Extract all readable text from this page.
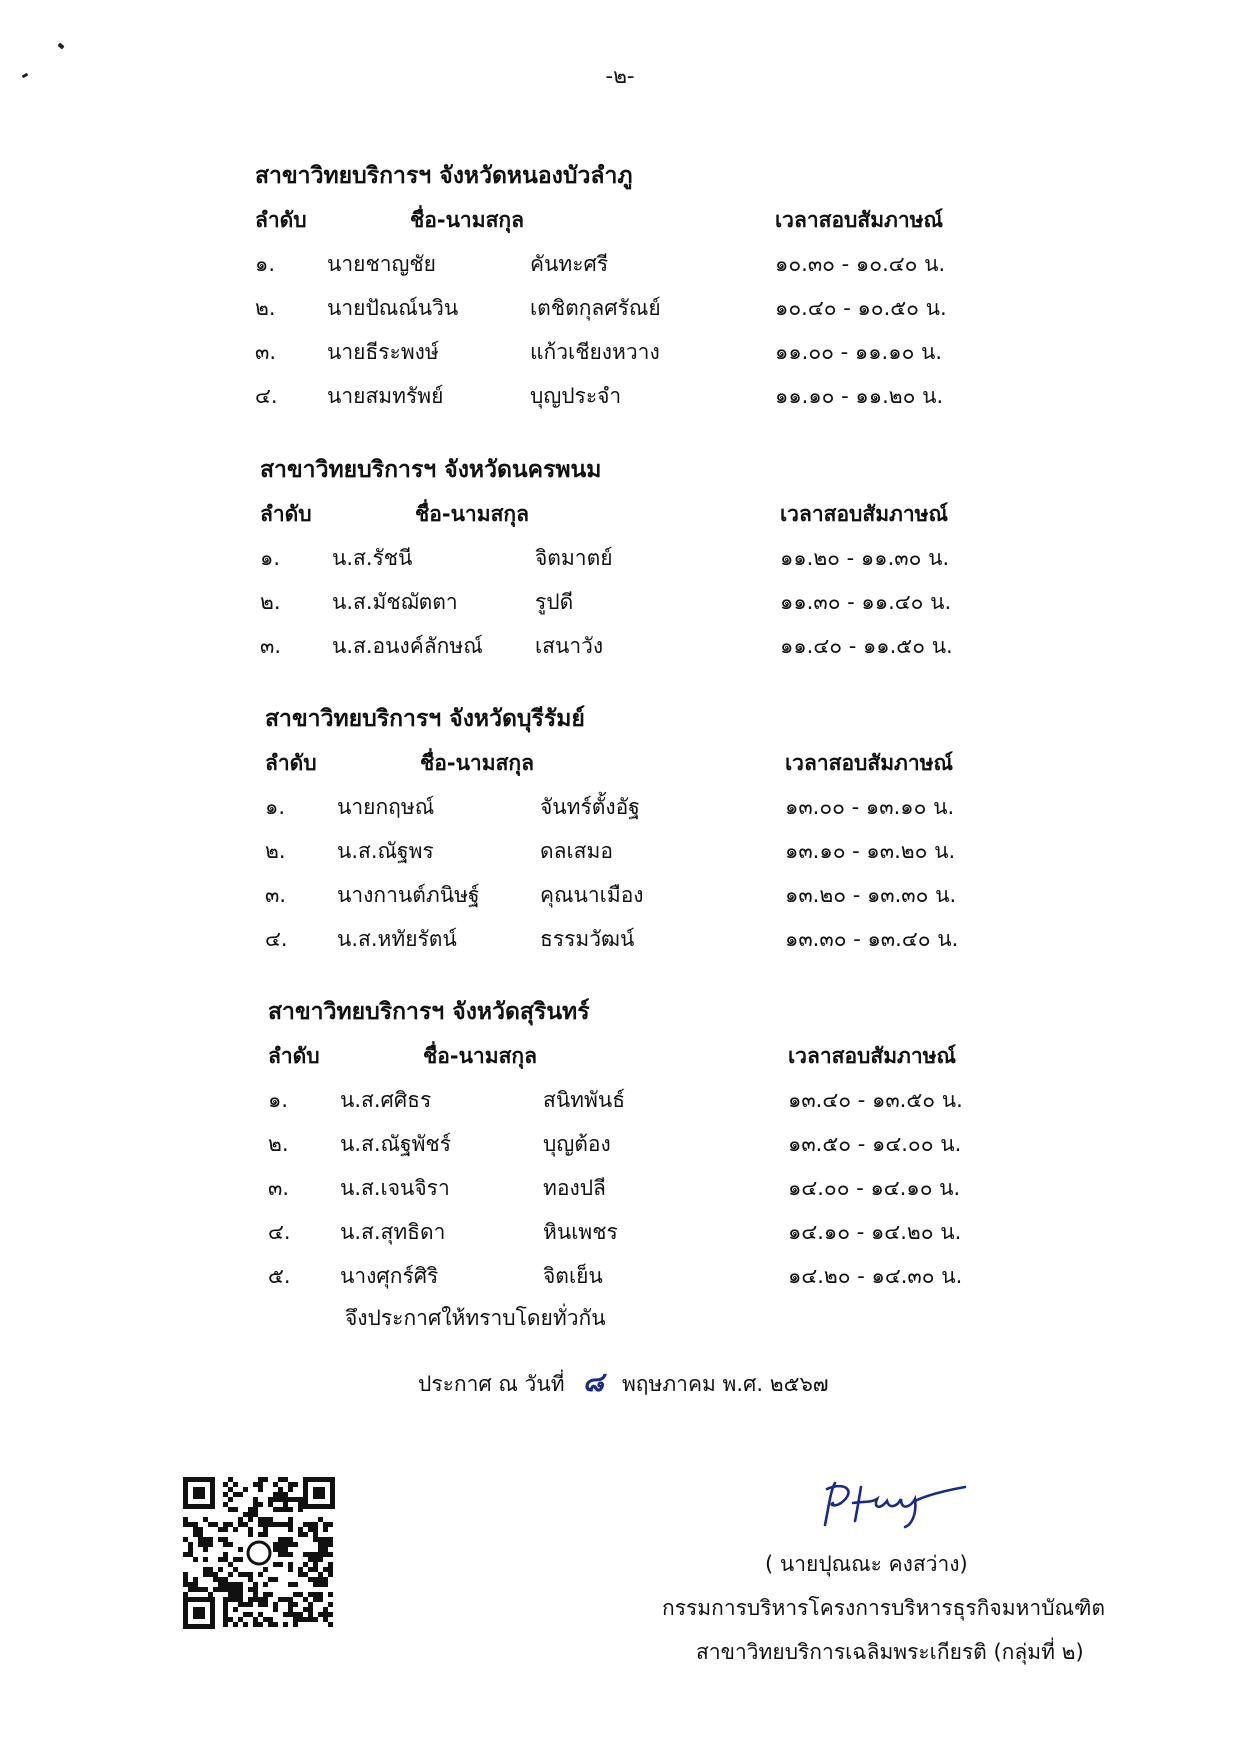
-๒-
สาขาวิทยบริการฯ จังหวัดหนองบัวลำภู
ลำดับ	ชื่อ-นามสกุล	เวลาสอบสัมภาษณ์
๑. นายชาญชัย	คันทะศรี	๑๐.๓๐ - ๑๐.๔๐ น.
๒. นายปัณณ์นวิน	เตชิตกุลศรัณย์	๑๐.๔๐ - ๑๐.๕๐ น.
๓. นายธีระพงษ์	แก้วเชียงหวาง	๑๑.๐๐ - ๑๑.๑๐ น.
๔. นายสมทรัพย์	บุญประจำ	๑๑.๑๐ - ๑๑.๒๐ น.
สาขาวิทยบริการฯ จังหวัดนครพนม
ลำดับ	ชื่อ-นามสกุล	เวลาสอบสัมภาษณ์
๑. น.ส.รัชนี	จิตมาตย์	๑๑.๒๐ - ๑๑.๓๐ น.
๒. น.ส.มัชฌัตตา	รูปดี	๑๑.๓๐ - ๑๑.๔๐ น.
๓. น.ส.อนงค์ลักษณ์ เสนาวัง	๑๑.๔๐ - ๑๑.๕๐ น.
สาขาวิทยบริการฯ จังหวัดบุรีรัมย์
ลำดับ	ชื่อ-นามสกุล	เวลาสอบสัมภาษณ์
๑. นายกฤษณ์	จันทร์ตั้งอัฐ	๑๓.๐๐ - ๑๓.๑๐ น.
๒. น.ส.ณัฐพร	ดลเสมอ	๑๓.๑๐ - ๑๓.๒๐ น.
๓. นางกานต์ภนิษฐ์	คุณนาเมือง	๑๓.๒๐ - ๑๓.๓๐ น.
๔. น.ส.หทัยรัตน์	ธรรมวัฒน์	๑๓.๓๐ - ๑๓.๔๐ น.
สาขาวิทยบริการฯ จังหวัดสุรินทร์
ลำดับ	ชื่อ-นามสกุล	เวลาสอบสัมภาษณ์
๑. น.ส.ศศิธร	สนิทพันธ์	๑๓.๔๐ - ๑๓.๕๐ น.
๒. น.ส.ณัฐพัชร์	บุญต้อง	๑๓.๕๐ - ๑๔.๐๐ น.
๓. น.ส.เจนจิรา	ทองปลี	๑๔.๐๐ - ๑๔.๑๐ น.
๔. น.ส.สุทธิดา	หินเพชร	๑๔.๑๐ - ๑๔.๒๐ น.
๕. นางศุกร์ศิริ	จิตเย็น	๑๔.๒๐ - ๑๔.๓๐ น.
จึงประกาศให้ทราบโดยทั่วกัน
ประกาศ ณ วันที่ ๘ พฤษภาคม พ.ศ. ๒๕๖๗
( นายปุณณะ คงสว่าง)
กรรมการบริหารโครงการบริหารธุรกิจมหาบัณฑิต
สาขาวิทยบริการเฉลิมพระเกียรติ (กลุ่มที่ ๒)
